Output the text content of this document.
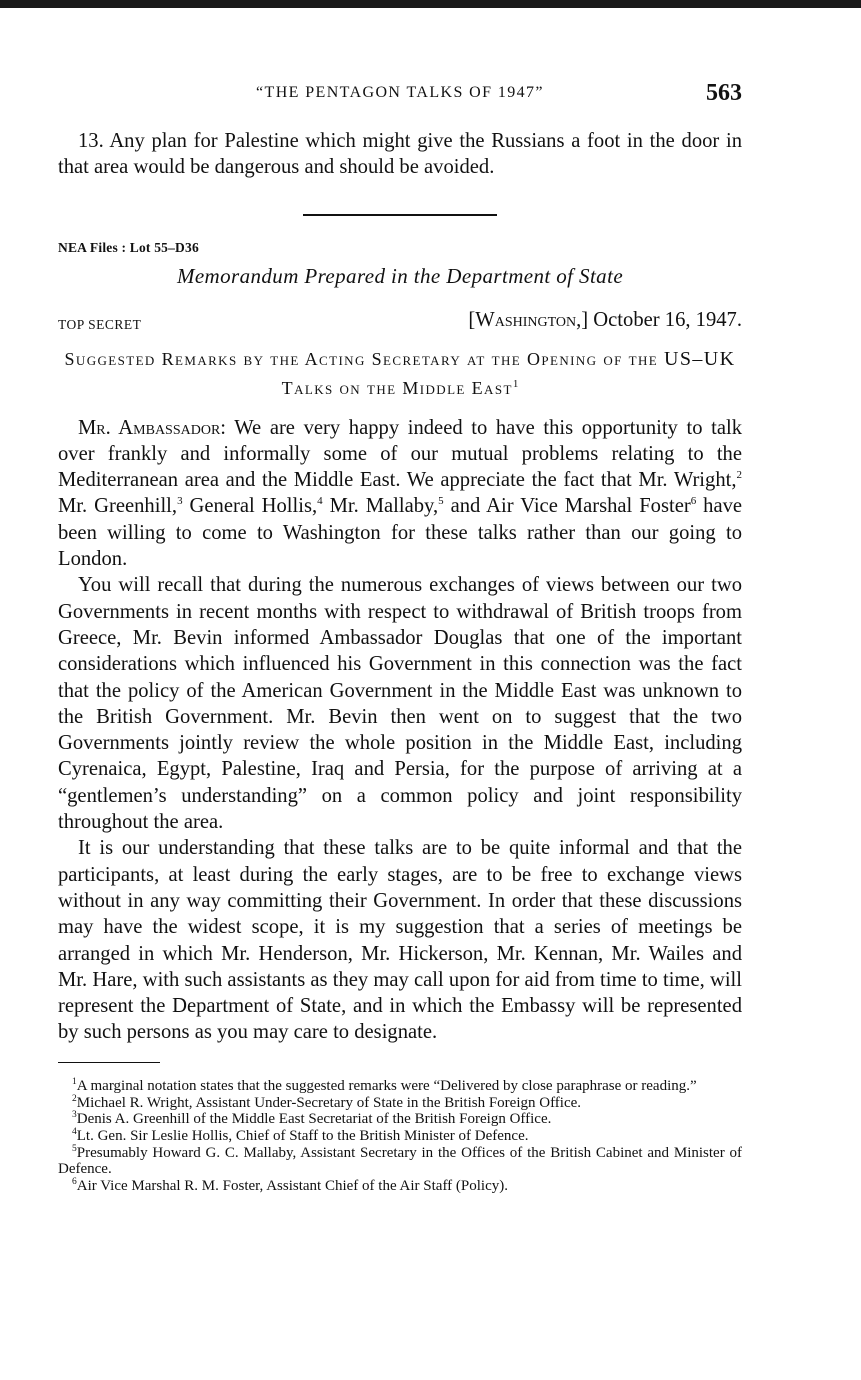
“THE PENTAGON TALKS OF 1947”	563

13. Any plan for Palestine which might give the Russians a foot in the door in that area would be dangerous and should be avoided.

NEA Files : Lot 55–D36
Memorandum Prepared in the Department of State
TOP SECRET	[Washington,] October 16, 1947.
Suggested Remarks by the Acting Secretary at the Opening of the US–UK Talks on the Middle East$^1$

Mr. Ambassador: We are very happy indeed to have this opportunity to talk over frankly and informally some of our mutual problems relating to the Mediterranean area and the Middle East. We appreciate the fact that Mr. Wright,$^2$ Mr. Greenhill,$^3$ General Hollis,$^4$ Mr. Mallaby,$^5$ and Air Vice Marshal Foster$^6$ have been willing to come to Washington for these talks rather than our going to London.

You will recall that during the numerous exchanges of views between our two Governments in recent months with respect to withdrawal of British troops from Greece, Mr. Bevin informed Ambassador Douglas that one of the important considerations which influenced his Government in this connection was the fact that the policy of the American Government in the Middle East was unknown to the British Government. Mr. Bevin then went on to suggest that the two Governments jointly review the whole position in the Middle East, including Cyrenaica, Egypt, Palestine, Iraq and Persia, for the purpose of arriving at a “gentlemen’s understanding” on a common policy and joint responsibility throughout the area.

It is our understanding that these talks are to be quite informal and that the participants, at least during the early stages, are to be free to exchange views without in any way committing their Government. In order that these discussions may have the widest scope, it is my suggestion that a series of meetings be arranged in which Mr. Henderson, Mr. Hickerson, Mr. Kennan, Mr. Wailes and Mr. Hare, with such assistants as they may call upon for aid from time to time, will represent the Department of State, and in which the Embassy will be represented by such persons as you may care to designate.

$^1$A marginal notation states that the suggested remarks were “Delivered by close paraphrase or reading.”

$^2$Michael R. Wright, Assistant Under-Secretary of State in the British Foreign Office.

$^3$Denis A. Greenhill of the Middle East Secretariat of the British Foreign Office.

$^4$Lt. Gen. Sir Leslie Hollis, Chief of Staff to the British Minister of Defence.

$^5$Presumably Howard G. C. Mallaby, Assistant Secretary in the Offices of the British Cabinet and Minister of Defence.

$^6$Air Vice Marshal R. M. Foster, Assistant Chief of the Air Staff (Policy).
